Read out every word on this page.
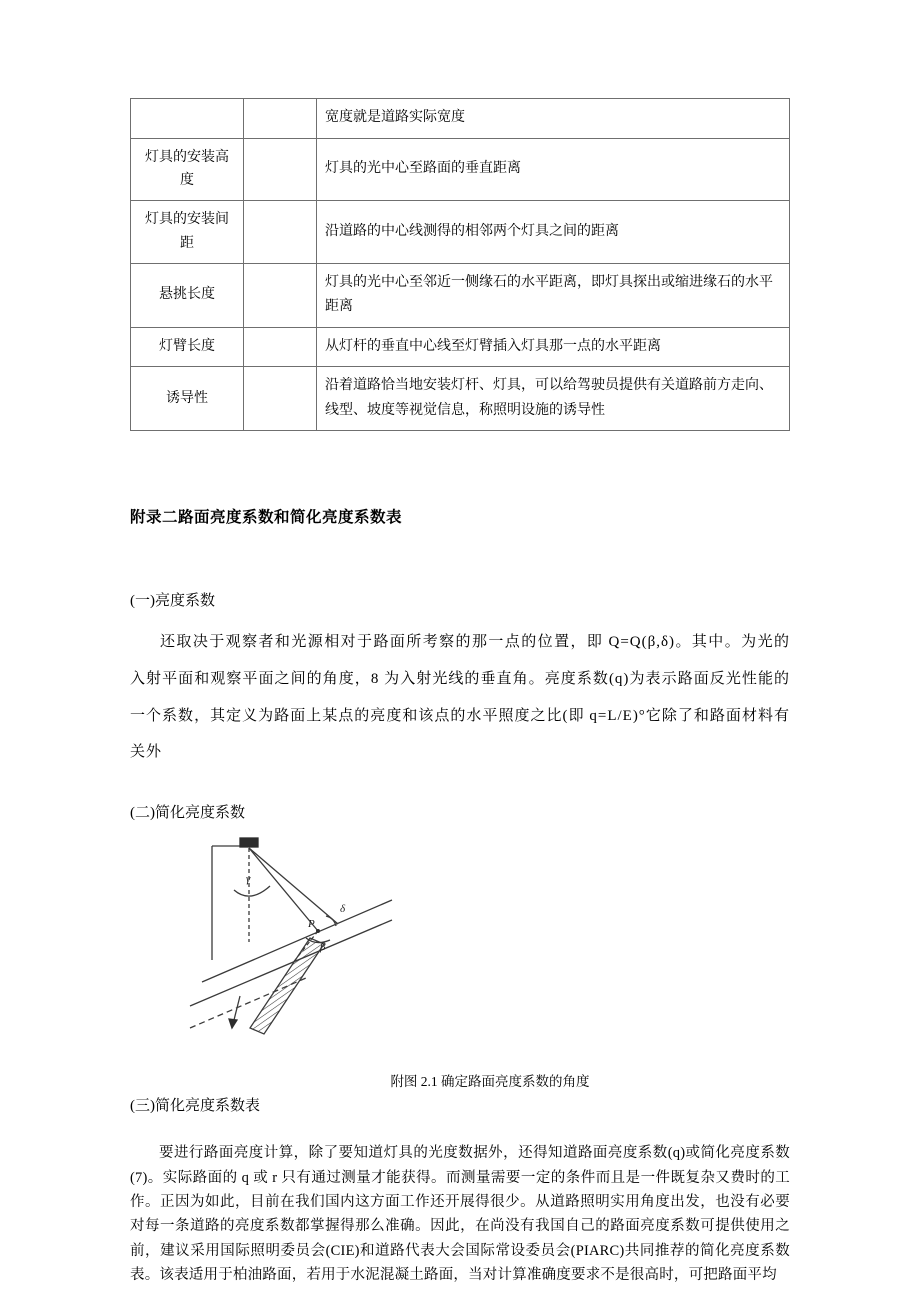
		宽度就是道路实际宽度
灯具的安装高度		灯具的光中心至路面的垂直距离
灯具的安装间距		沿道路的中心线测得的相邻两个灯具之间的距离
悬挑长度		灯具的光中心至邻近一侧缘石的水平距离，即灯具探出或缩进缘石的水平距离
灯臂长度		从灯杆的垂直中心线至灯臂插入灯具那一点的水平距离
诱导性		沿着道路恰当地安装灯杆、灯具，可以给驾驶员提供有关道路前方走向、线型、坡度等视觉信息，称照明设施的诱导性
附录二路面亮度系数和简化亮度系数表
(一)亮度系数
还取决于观察者和光源相对于路面所考察的那一点的位置，即 Q=Q(β,δ)。其中。为光的入射平面和观察平面之间的角度，8 为入射光线的垂直角。亮度系数(q)为表示路面反光性能的一个系数，其定义为路面上某点的亮度和该点的水平照度之比(即 q=L/E)°它除了和路面材料有关外
(二)简化亮度系数
γ
δ
P
β
附图 2.1 确定路面亮度系数的角度
(三)简化亮度系数表
要进行路面亮度计算，除了要知道灯具的光度数据外，还得知道路面亮度系数(q)或简化亮度系数(7)。实际路面的 q 或 r 只有通过测量才能获得。而测量需要一定的条件而且是一件既复杂又费时的工作。正因为如此，目前在我们国内这方面工作还开展得很少。从道路照明实用角度出发，也没有必要对每一条道路的亮度系数都掌握得那么准确。因此，在尚没有我国自己的路面亮度系数可提供使用之前，建议采用国际照明委员会(CIE)和道路代表大会国际常设委员会(PIARC)共同推荐的简化亮度系数表。该表适用于柏油路面，若用于水泥混凝土路面，当对计算准确度要求不是很高时，可把路面平均
